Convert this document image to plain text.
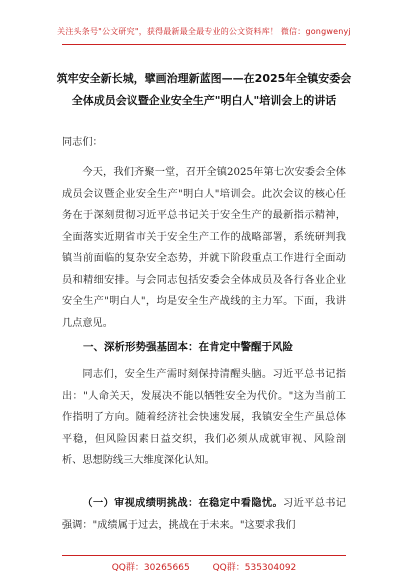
关注头条号"公文研究"，获得最新最全最专业的公文资料库！ 微信：gongwenyj
筑牢安全新长城，擘画治理新蓝图——在2025年全镇安委会全体成员会议暨企业安全生产"明白人"培训会上的讲话
同志们：
今天，我们齐聚一堂，召开全镇2025年第七次安委会全体成员会议暨企业安全生产"明白人"培训会。此次会议的核心任务在于深刻贯彻习近平总书记关于安全生产的最新指示精神，全面落实近期省市关于安全生产工作的战略部署，系统研判我镇当前面临的复杂安全态势，并就下阶段重点工作进行全面动员和精细安排。与会同志包括安委会全体成员及各行各业企业安全生产"明白人"，均是安全生产战线的主力军。下面，我讲几点意见。
一、深析形势强基固本：在肯定中警醒于风险
同志们，安全生产需时刻保持清醒头脑。习近平总书记指出："人命关天，发展决不能以牺牲安全为代价。"这为当前工作指明了方向。随着经济社会快速发展，我镇安全生产虽总体平稳，但风险因素日益交织，我们必须从成就审视、风险剖析、思想防线三大维度深化认知。
（一）审视成绩明挑战：在稳定中看隐忧。习近平总书记强调："成绩属于过去，挑战在于未来。"这要求我们
QQ群：30265665	QQ群：535304092
